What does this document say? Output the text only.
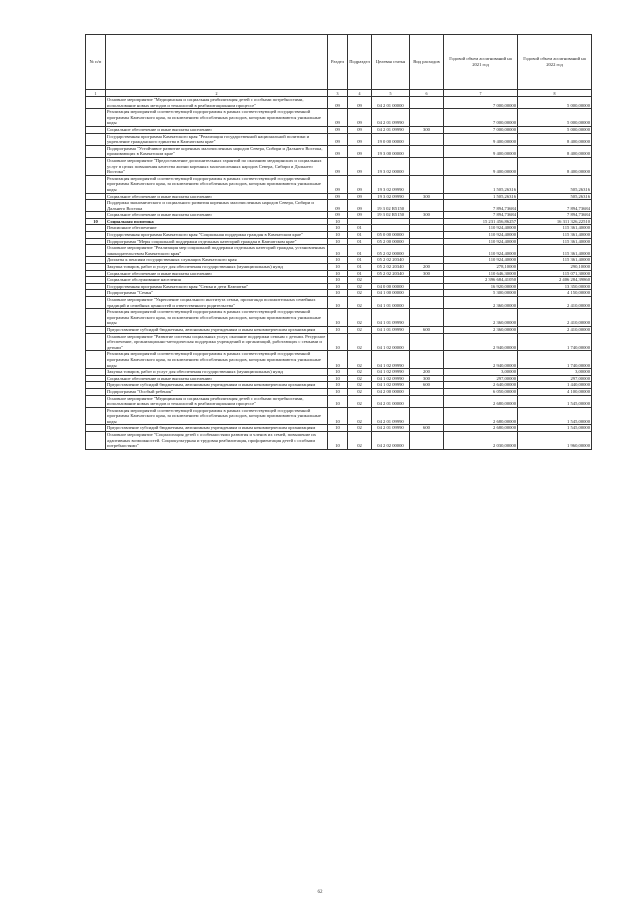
№ п/п		Раздел	Подраздел	Целевая статья	Вид расходов	Годовой объем ассигнований на 2021 год	Годовой объем ассигнований на 2022 год
1	2	3	4	5	6	7	8
	Основное мероприятие "Медицинская и социальная реабилитация детей с особыми потребностями, использование новых методов и технологий в реабилитационном процессе"	09	09	04 2 01 00000		7 000,00000	5 000,00000
	Реализация мероприятий соответствующей подпрограммы в рамках соответствующей государственной программы Камчатского края, за исключением обособленных расходов, которым присваиваются уникальные коды	09	09	04 2 01 09990		7 000,00000	5 000,00000
	Социальное обеспечение и иные выплаты населению	09	09	04 2 01 09990	300	7 000,00000	5 000,00000
	Государственная программа Камчатского края "Реализация государственной национальной политики и укрепление гражданского единства в Камчатском крае"	09	09	19 0 00 00000		9 400,00000	8 400,00000
	Подпрограмма "Устойчивое развитие коренных малочисленных народов Севера, Сибири и Дальнего Востока, проживающих в Камчатском крае"	09	09	19 3 00 00000		9 400,00000	8 400,00000
	Основное мероприятие "Предоставление дополнительных гарантий по оказанию медицинских и социальных услуг в целях повышения качества жизни коренных малочисленных народов Севера, Сибири и Дальнего Востока"	09	09	19 3 02 00000		9 400,00000	8 400,00000
	Реализация мероприятий соответствующей подпрограммы в рамках соответствующей государственной программы Камчатского края, за исключением обособленных расходов, которым присваиваются уникальные коды	09	09	19 3 02 09990		1 505,26316	505,26316
	Социальное обеспечение и иные выплаты населению	09	09	19 3 02 09990	300	1 505,26316	505,26316
	Поддержка экономического и социального развития коренных малочисленных народов Севера, Сибири и Дальнего Востока	09	09	19 3 02 R5150		7 894,73684	7 894,73684
	Социальное обеспечение и иные выплаты населению	09	09	19 3 02 R5150	300	7 894,73684	7 894,73684
10	Социальная политика	10				15 231 456,86257	16 311 326,22510
	Пенсионное обеспечение	10	01			110 924,40000	115 361,40000
	Государственная программа Камчатского края "Социальная поддержка граждан в Камчатском крае"	10	01	05 0 00 00000		110 924,40000	115 361,40000
	Подпрограмма "Меры социальной поддержки отдельных категорий граждан в Камчатском крае"	10	01	05 2 00 00000		110 924,40000	115 361,40000
	Основное мероприятие "Реализация мер социальной поддержки отдельных категорий граждан, установленных законодательством Камчатского края"	10	01	05 2 02 00000		110 924,40000	115 361,40000
	Доплаты к пенсиям государственных служащих Камчатского края	10	01	05 2 02 20340		110 924,40000	115 361,40000
	Закупка товаров, работ и услуг для обеспечения государственных (муниципальных) нужд	10	01	05 2 02 20340	200	278,10000	290,10000
	Социальное обеспечение и иные выплаты населению	10	01	05 2 02 20340	300	110 646,30000	115 071,30000
	Социальное обслуживание населения	10	02			2 396 684,41050	2 406 284,39860
	Государственная программа Камчатского края "Семья и дети Камчатки"	10	02	04 0 00 00000		16 920,00000	13 350,00000
	Подпрограмма "Семья"	10	02	04 1 00 00000		5 300,00000	4 150,00000
	Основное мероприятие "Укрепление социального института семьи, пропаганда положительных семейных традиций и семейных ценностей и ответственного родительства"	10	02	04 1 01 00000		2 360,00000	2 410,00000
	Реализация мероприятий соответствующей подпрограммы в рамках соответствующей государственной программы Камчатского края, за исключением обособленных расходов, которым присваиваются уникальные коды	10	02	04 1 01 09990		2 360,00000	2 410,00000
	Предоставление субсидий бюджетным, автономным учреждениям и иным некоммерческим организациям	10	02	04 1 01 09990	600	2 360,00000	2 410,00000
	Основное мероприятие "Развитие системы социальных услуг, оказание поддержки семьям с детьми. Ресурсное обеспечение, организационно-методическая поддержка учреждений и организаций, работающих с семьями и детьми"	10	02	04 1 02 00000		2 940,00000	1 740,00000
	Реализация мероприятий соответствующей подпрограммы в рамках соответствующей государственной программы Камчатского края, за исключением обособленных расходов, которым присваиваются уникальные коды	10	02	04 1 02 09990		2 940,00000	1 740,00000
	Закупка товаров, работ и услуг для обеспечения государственных (муниципальных) нужд	10	02	04 1 02 09990	200	3,00000	3,00000
	Социальное обеспечение и иные выплаты населению	10	02	04 1 02 09990	300	297,00000	297,00000
	Предоставление субсидий бюджетным, автономным учреждениям и иным некоммерческим организациям	10	02	04 1 02 09990	600	2 640,00000	1 440,00000
	Подпрограмма "Особый ребенок"	10	02	04 2 00 00000		6 050,00000	4 100,00000
	Основное мероприятие "Медицинская и социальная реабилитация детей с особыми потребностями, использование новых методов и технологий в реабилитационном процессе"	10	02	04 2 01 00000		2 680,00000	1 545,00000
	Реализация мероприятий соответствующей подпрограммы в рамках соответствующей государственной программы Камчатского края, за исключением обособленных расходов, которым присваиваются уникальные коды	10	02	04 2 01 09990		2 680,00000	1 545,00000
	Предоставление субсидий бюджетным, автономным учреждениям и иным некоммерческим организациям	10	02	04 2 01 09990	600	2 680,00000	1 545,00000
	Основное мероприятие "Социализация детей с особенностями развития и членов их семей, повышение их адаптивных возможностей. Социокультурная и трудовая реабилитация, профориентация детей с особыми потребностями"	10	02	04 2 02 00000		2 030,00000	1 960,00000
62
